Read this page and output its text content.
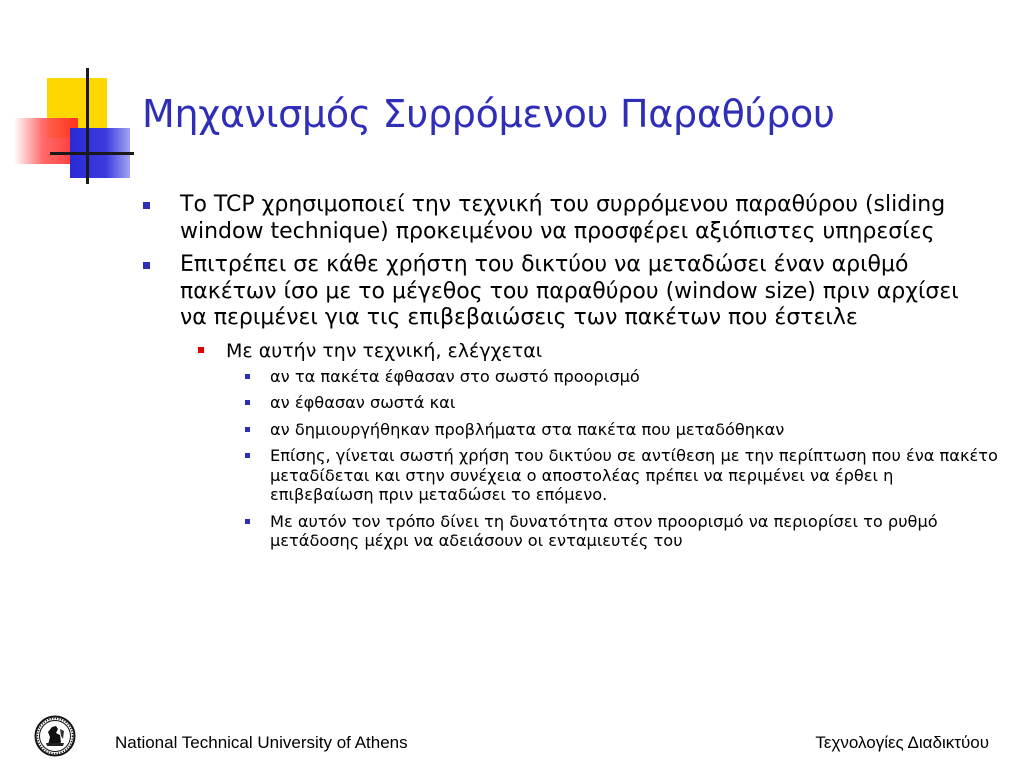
Μηχανισμός Συρρόμενου Παραθύρου
Το TCP χρησιμοποιεί την τεχνική του συρρόμενου παραθύρου (sliding window technique) προκειμένου να προσφέρει αξιόπιστες υπηρεσίες
Επιτρέπει σε κάθε χρήστη του δικτύου να μεταδώσει έναν αριθμό πακέτων ίσο με το μέγεθος του παραθύρου (window size) πριν αρχίσει να περιμένει για τις επιβεβαιώσεις των πακέτων που έστειλε
Με αυτήν την τεχνική, ελέγχεται
αν τα πακέτα έφθασαν στο σωστό προορισμό
αν έφθασαν σωστά και
αν δημιουργήθηκαν προβλήματα στα πακέτα που μεταδόθηκαν
Επίσης, γίνεται σωστή χρήση του δικτύου σε αντίθεση με την περίπτωση που ένα πακέτο μεταδίδεται και στην συνέχεια ο αποστολέας πρέπει να περιμένει να έρθει η επιβεβαίωση πριν μεταδώσει το επόμενο.
Με αυτόν τον τρόπο δίνει τη δυνατότητα στον προορισμό να περιορίσει το ρυθμό μετάδοσης μέχρι να αδειάσουν οι ενταμιευτές του
National Technical University of Athens	Τεχνολογίες Διαδικτύου
